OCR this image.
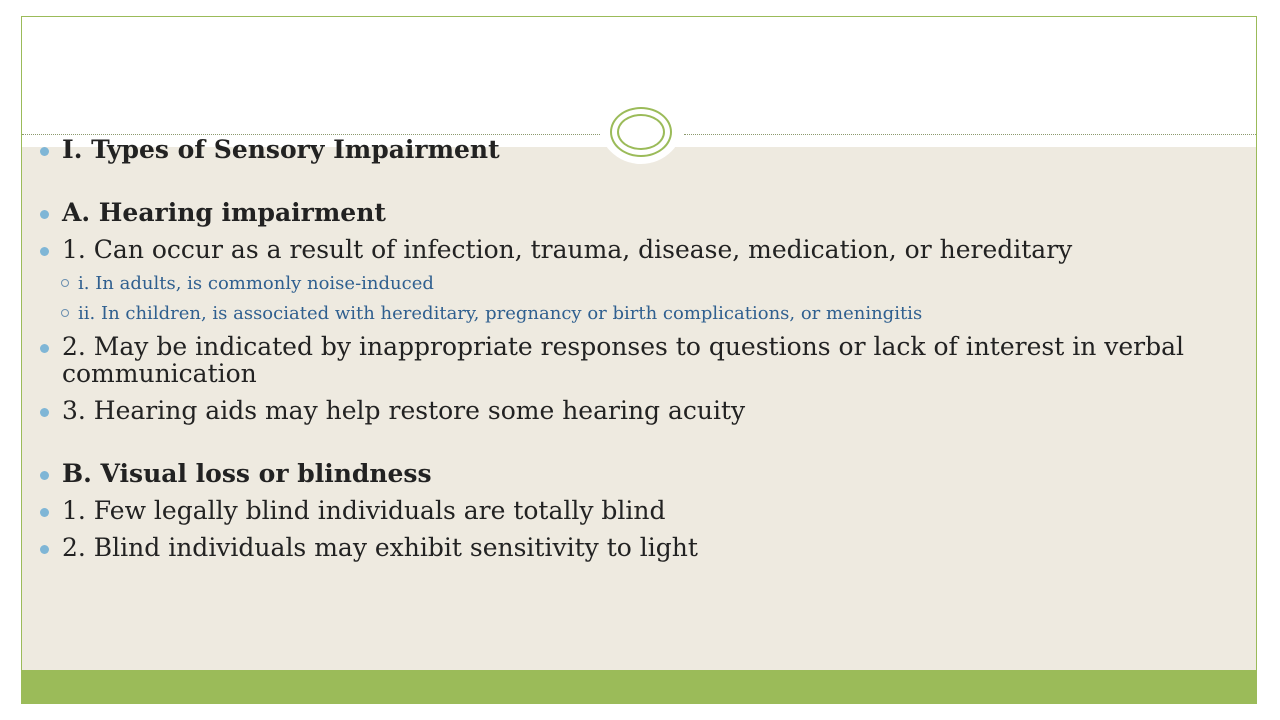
I. Types of Sensory Impairment
A. Hearing impairment
1. Can occur as a result of infection, trauma, disease, medication, or hereditary
i. In adults, is commonly noise-induced
ii. In children, is associated with hereditary, pregnancy or birth complications, or meningitis
2. May be indicated by inappropriate responses to questions or lack of interest in verbal communication
3. Hearing aids may help restore some hearing acuity
B. Visual loss or blindness
1. Few legally blind individuals are totally blind
2. Blind individuals may exhibit sensitivity to light
